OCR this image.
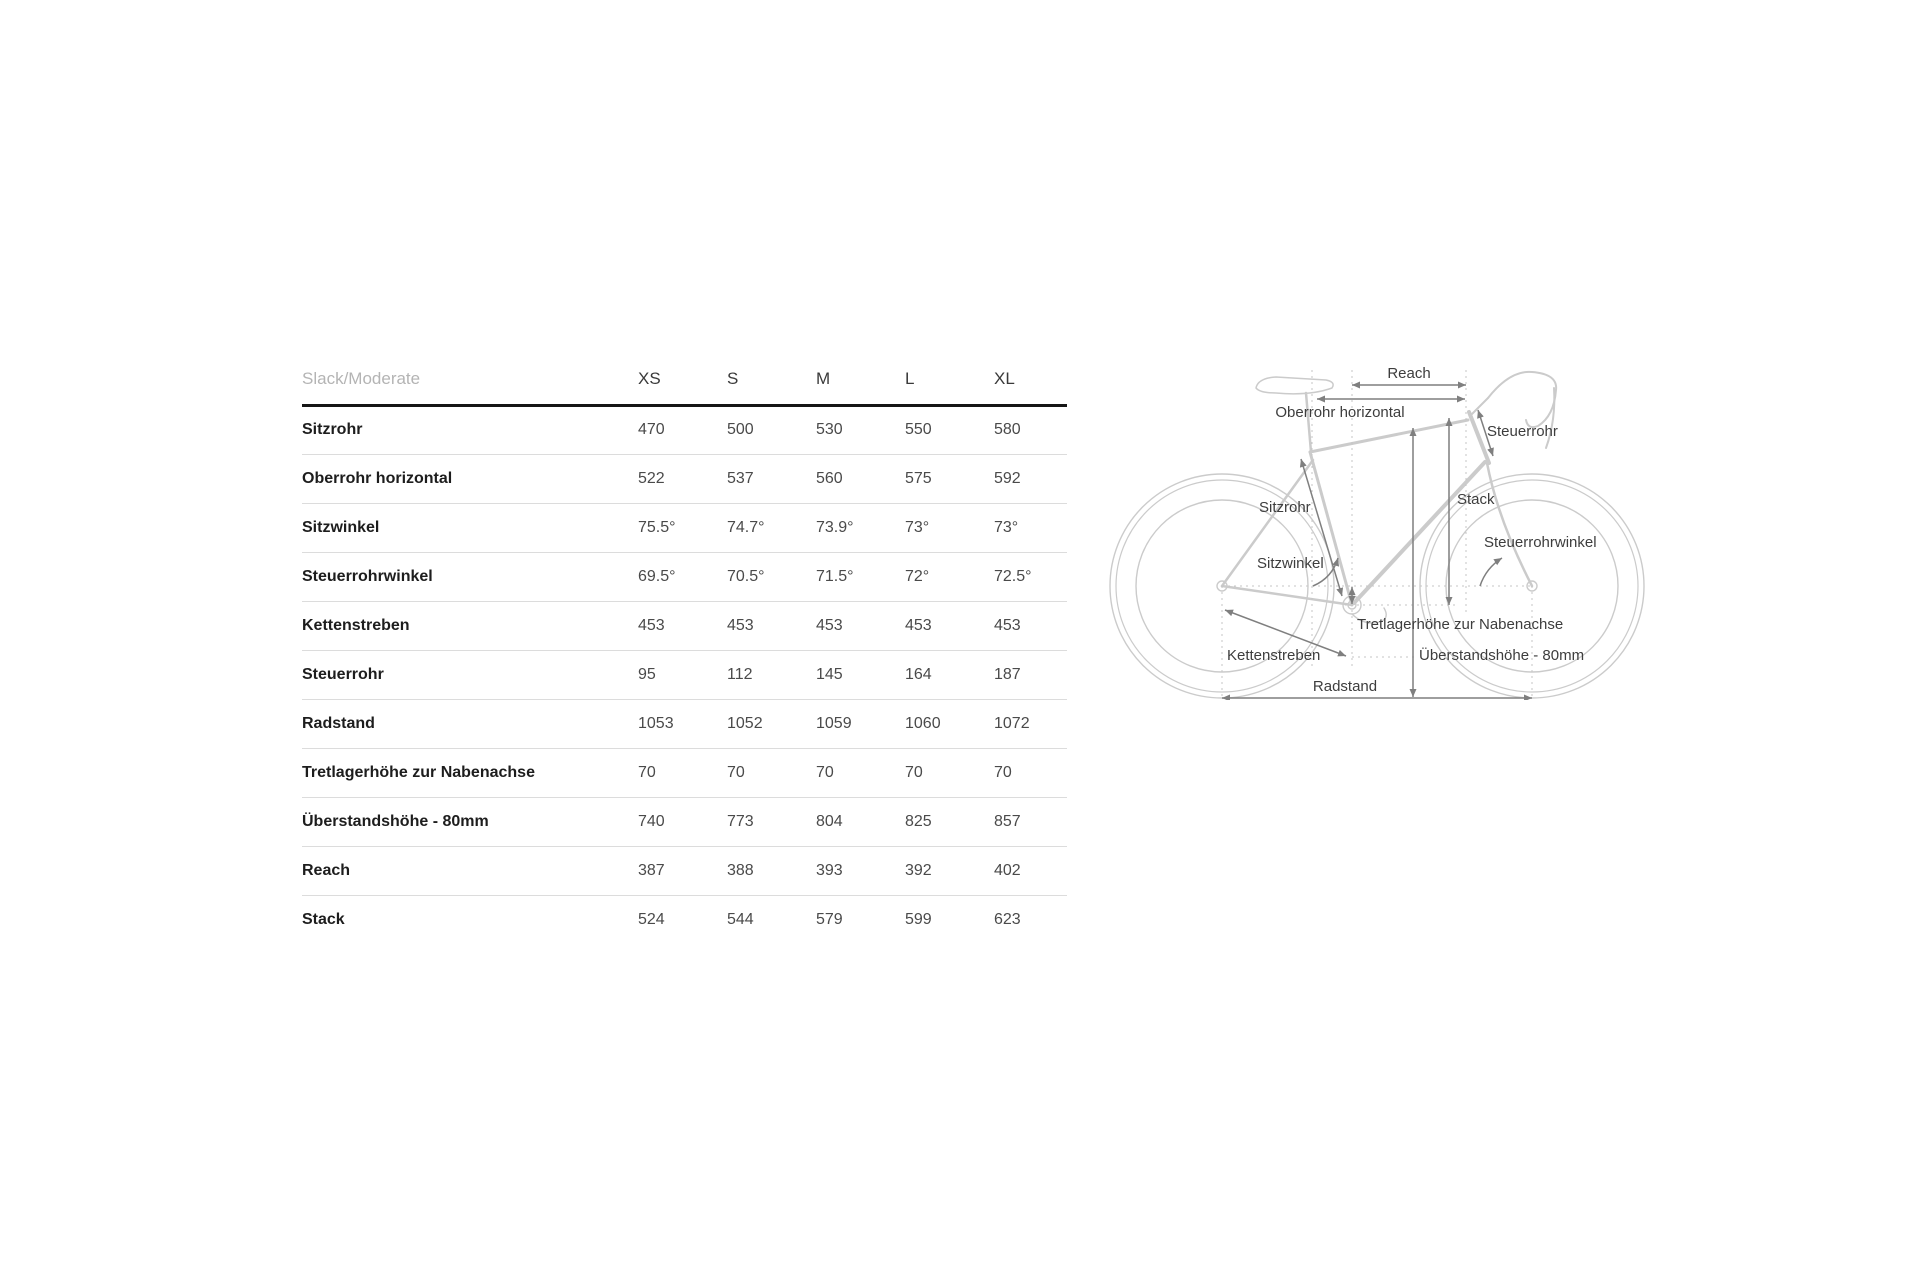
Slack/Moderate	XS	S	M	L	XL
Sitzrohr	470	500	530	550	580
Oberrohr horizontal	522	537	560	575	592
Sitzwinkel	75.5°	74.7°	73.9°	73°	73°
Steuerrohrwinkel	69.5°	70.5°	71.5°	72°	72.5°
Kettenstreben	453	453	453	453	453
Steuerrohr	95	112	145	164	187
Radstand	1053	1052	1059	1060	1072
Tretlagerhöhe zur Nabenachse	70	70	70	70	70
Überstandshöhe - 80mm	740	773	804	825	857
Reach	387	388	393	392	402
Stack	524	544	579	599	623
Reach
Oberrohr horizontal
Steuerrohr
Stack
Steuerrohrwinkel
Sitzrohr
Sitzwinkel
Tretlagerhöhe zur Nabenachse
Kettenstreben	Überstandshöhe - 80mm
Radstand
